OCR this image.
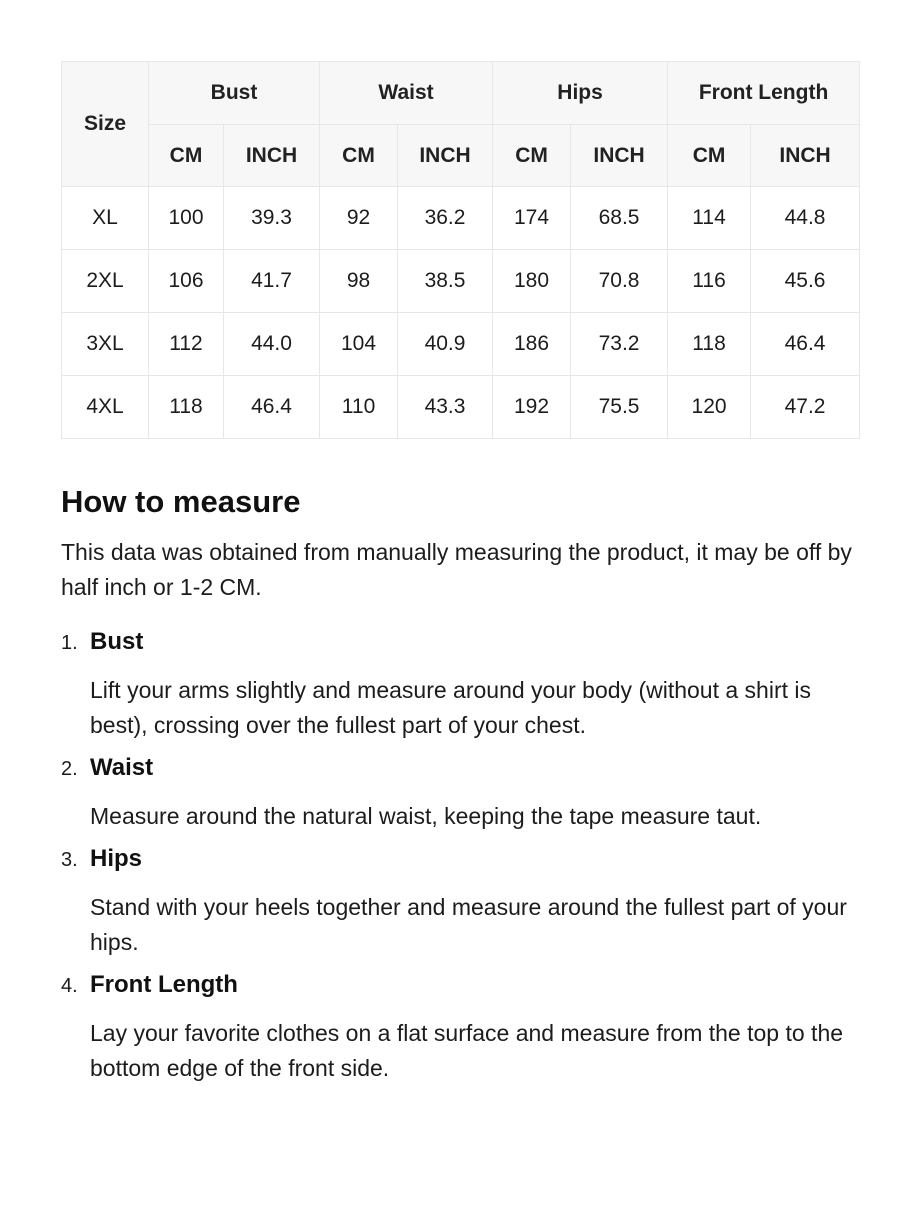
Size	Bust		Waist		Hips		Front Length	
	CM	INCH	CM	INCH	CM	INCH	CM	INCH
XL	100	39.3	92	36.2	174	68.5	114	44.8
2XL	106	41.7	98	38.5	180	70.8	116	45.6
3XL	112	44.0	104	40.9	186	73.2	118	46.4
4XL	118	46.4	110	43.3	192	75.5	120	47.2
How to measure

This data was obtained from manually measuring the product, it may be off by half inch or 1-2 CM.

1. Bust

Lift your arms slightly and measure around your body (without a shirt is best), crossing over the fullest part of your chest.

2. Waist

Measure around the natural waist, keeping the tape measure taut.

3. Hips

Stand with your heels together and measure around the fullest part of your hips.

4. Front Length

Lay your favorite clothes on a flat surface and measure from the top to the bottom edge of the front side.
